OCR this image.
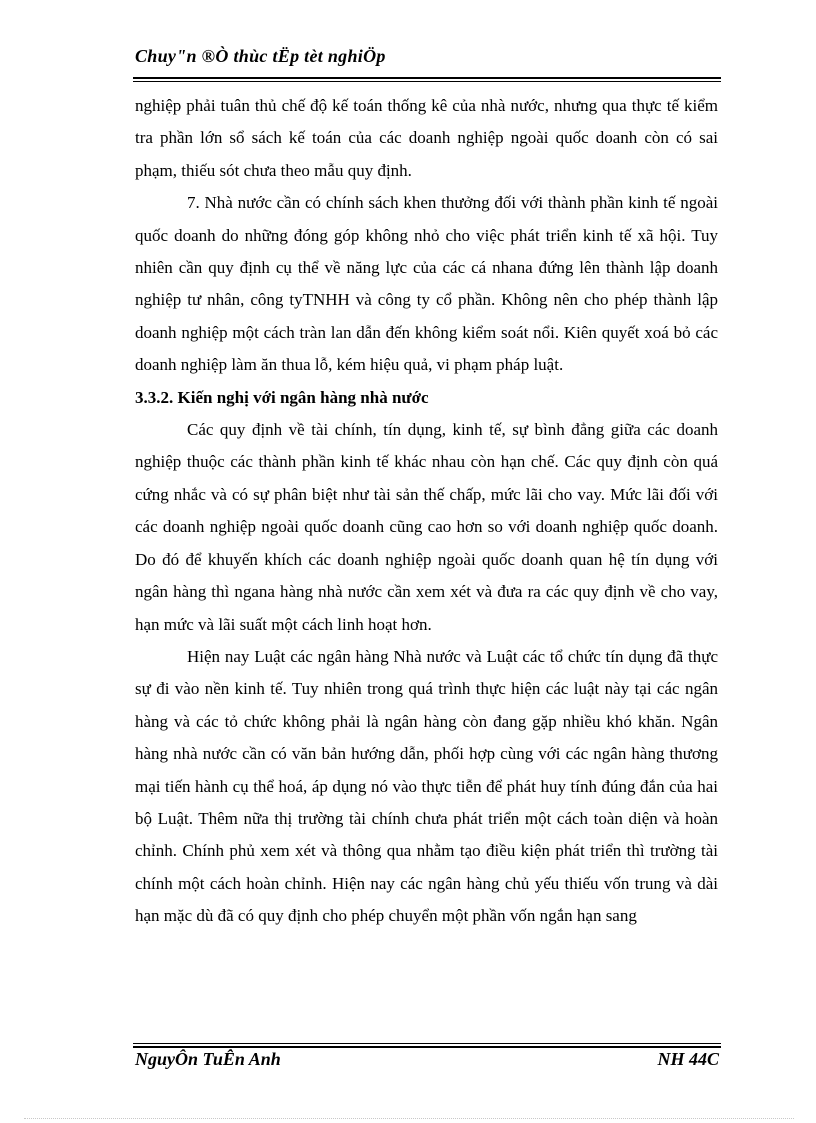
Chuy"n ®Ò thùc tËp tèt nghiÖp

nghiệp phải tuân thủ chế độ kế toán thống kê của nhà nước, nhưng qua thực tế kiểm tra phần lớn sổ sách kế toán của các doanh nghiệp ngoài quốc doanh còn có sai phạm, thiếu sót chưa theo mẫu quy định.

7. Nhà nước cần có chính sách khen thưởng đối với thành phần kinh tế ngoài quốc doanh do những đóng góp không nhỏ cho việc phát triển kinh tế xã hội. Tuy nhiên cần quy định cụ thể về năng lực của các cá nhana đứng lên thành lập doanh nghiệp tư nhân, công tyTNHH và công ty cổ phần. Không nên cho phép thành lập doanh nghiệp một cách tràn lan dẫn đến không kiểm soát nổi. Kiên quyết xoá bỏ các doanh nghiệp làm ăn thua lỗ, kém hiệu quả, vi phạm pháp luật.

3.3.2. Kiến nghị với ngân hàng nhà nước

Các quy định về tài chính, tín dụng, kinh tế, sự bình đẳng giữa các doanh nghiệp thuộc các thành phần kinh tế khác nhau còn hạn chế. Các quy định còn quá cứng nhắc và có sự phân biệt như tài sản thế chấp, mức lãi cho vay. Mức lãi đối với các doanh nghiệp ngoài quốc doanh cũng cao hơn so với doanh nghiệp quốc doanh. Do đó để khuyến khích các doanh nghiệp ngoài quốc doanh quan hệ tín dụng với ngân hàng thì ngana hàng nhà nước cần xem xét và đưa ra các quy định về cho vay, hạn mức và lãi suất một cách linh hoạt hơn.

Hiện nay Luật các ngân hàng Nhà nước và Luật các tổ chức tín dụng đã thực sự đi vào nền kinh tế. Tuy nhiên trong quá trình thực hiện các luật này tại các ngân hàng và các tỏ chức không phải là ngân hàng còn đang gặp nhiều khó khăn. Ngân hàng nhà nước cần có văn bản hướng dẫn, phối hợp cùng với các ngân hàng thương mại tiến hành cụ thể hoá, áp dụng nó vào thực tiễn để phát huy tính đúng đắn của hai bộ Luật. Thêm nữa thị trường tài chính chưa phát triển một cách toàn diện và hoàn chỉnh. Chính phủ xem xét và thông qua nhằm tạo điều kiện phát triển thì trường tài chính một cách hoàn chỉnh. Hiện nay các ngân hàng chủ yếu thiếu vốn trung và dài hạn mặc dù đã có quy định cho phép chuyển một phần vốn ngắn hạn sang

NguyÔn TuÊn Anh	NH 44C
